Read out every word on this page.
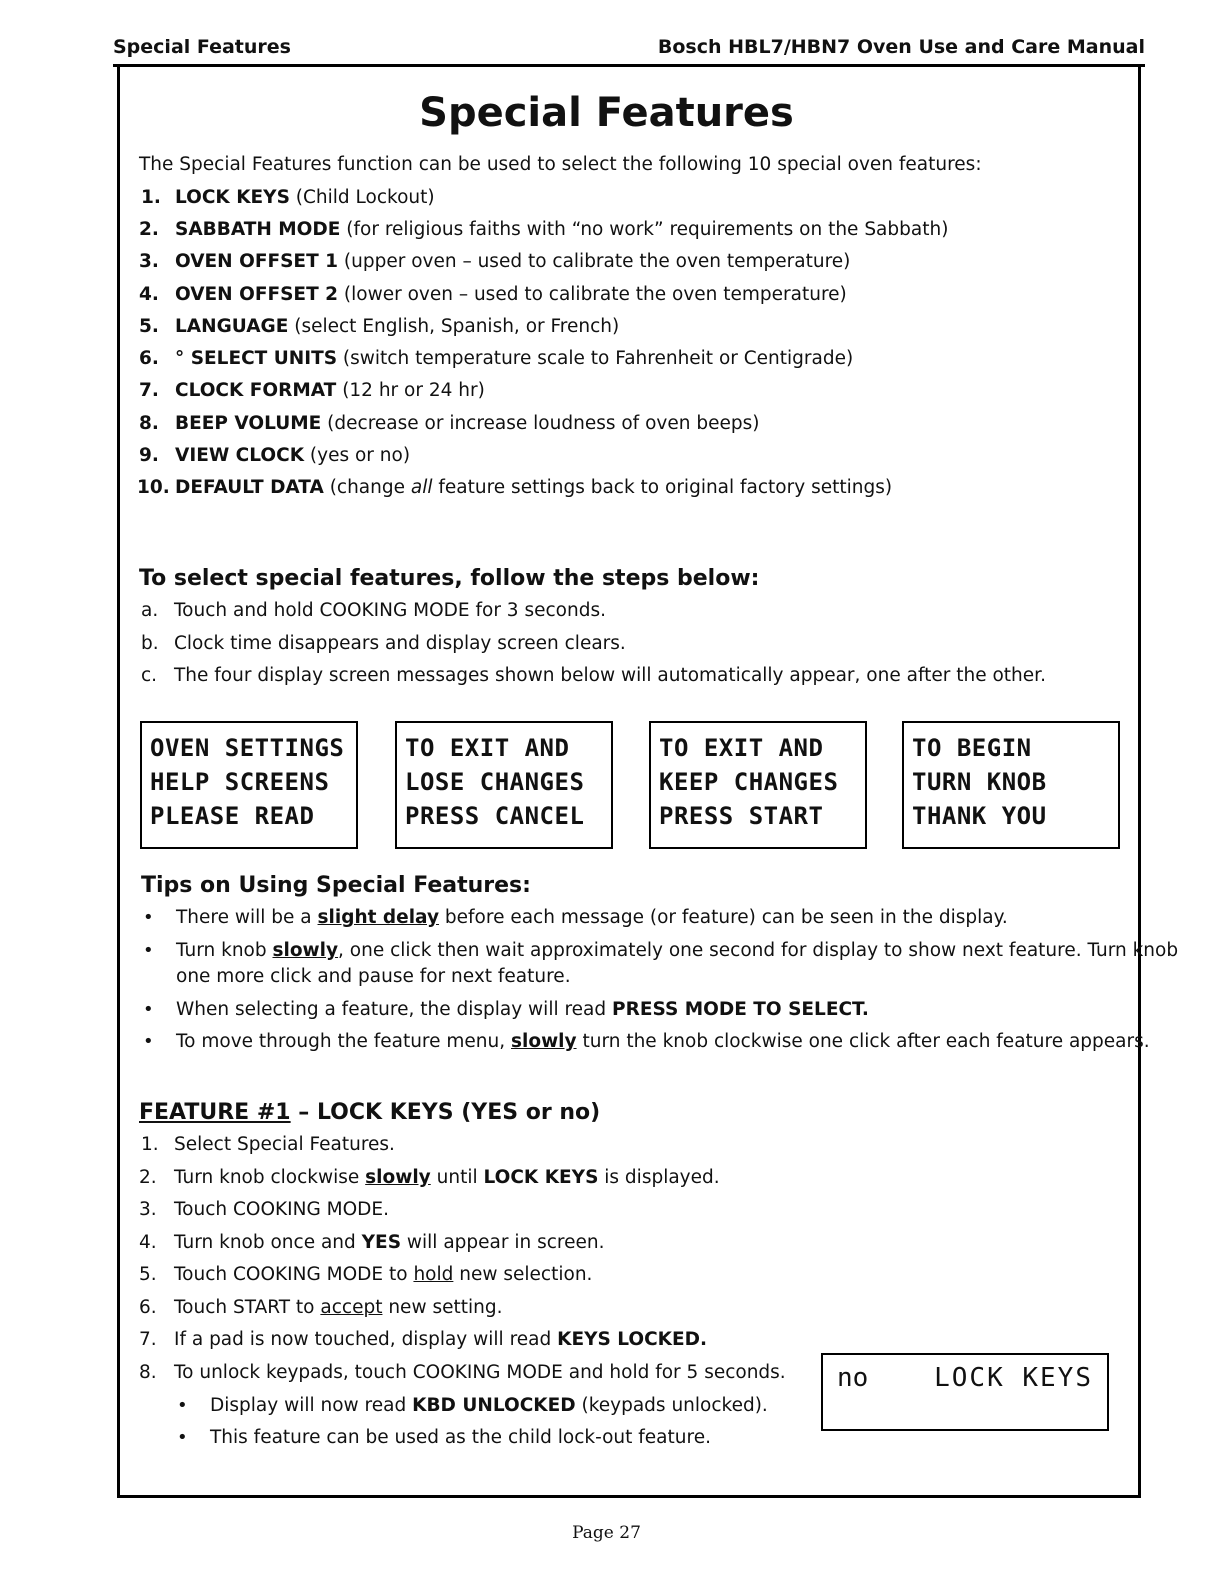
Special Features	Bosch HBL7/HBN7 Oven Use and Care Manual
Special Features
The Special Features function can be used to select the following 10 special oven features:
1. LOCK KEYS (Child Lockout)
2. SABBATH MODE (for religious faiths with “no work” requirements on the Sabbath)
3. OVEN OFFSET 1 (upper oven – used to calibrate the oven temperature)
4. OVEN OFFSET 2 (lower oven – used to calibrate the oven temperature)
5. LANGUAGE (select English, Spanish, or French)
6. ° SELECT UNITS (switch temperature scale to Fahrenheit or Centigrade)
7. CLOCK FORMAT (12 hr or 24 hr)
8. BEEP VOLUME (decrease or increase loudness of oven beeps)
9. VIEW CLOCK (yes or no)
10. DEFAULT DATA (change all feature settings back to original factory settings)
To select special features, follow the steps below:
a. Touch and hold COOKING MODE for 3 seconds.
b. Clock time disappears and display screen clears.
c. The four display screen messages shown below will automatically appear, one after the other.
OVEN SETTINGS
HELP SCREENS
PLEASE READ
TO EXIT AND
LOSE CHANGES
PRESS CANCEL
TO EXIT AND
KEEP CHANGES
PRESS START
TO BEGIN
TURN KNOB
THANK YOU
Tips on Using Special Features:
• There will be a slight delay before each message (or feature) can be seen in the display.
• Turn knob slowly, one click then wait approximately one second for display to show next feature. Turn knob
one more click and pause for next feature.
• When selecting a feature, the display will read PRESS MODE TO SELECT.
• To move through the feature menu, slowly turn the knob clockwise one click after each feature appears.
FEATURE #1 – LOCK KEYS (YES or no)
1. Select Special Features.
2. Turn knob clockwise slowly until LOCK KEYS is displayed.
3. Touch COOKING MODE.
4. Turn knob once and YES will appear in screen.
5. Touch COOKING MODE to hold new selection.
6. Touch START to accept new setting.
7. If a pad is now touched, display will read KEYS LOCKED.
8. To unlock keypads, touch COOKING MODE and hold for 5 seconds.
• Display will now read KBD UNLOCKED (keypads unlocked).
• This feature can be used as the child lock-out feature.
no	LOCK KEYS
Page 27
